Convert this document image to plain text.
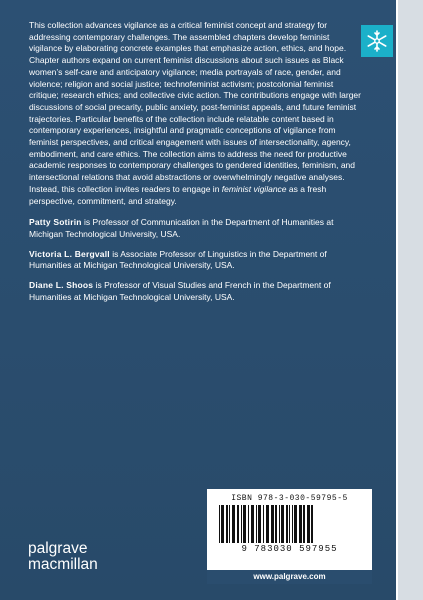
This collection advances vigilance as a critical feminist concept and strategy for addressing contemporary challenges. The assembled chapters develop feminist vigilance by elaborating concrete examples that emphasize action, ethics, and hope. Chapter authors expand on current feminist discussions about such issues as Black women’s self-care and anticipatory vigilance; media portrayals of race, gender, and violence; religion and social justice; technofeminist activism; postcolonial feminist critique; research ethics; and collective civic action. The contributions engage with larger discussions of social precarity, public anxiety, post-feminist appeals, and future feminist trajectories. Particular benefits of the collection include relatable content based in contemporary experiences, insightful and pragmatic conceptions of vigilance from feminist perspectives, and critical engagement with issues of intersectionality, agency, embodiment, and care ethics. The collection aims to address the need for productive academic responses to contemporary challenges to gendered identities, feminism, and intersectional relations that avoid abstractions or overwhelmingly negative analyses. Instead, this collection invites readers to engage in feminist vigilance as a fresh perspective, commitment, and strategy.

Patty Sotirin is Professor of Communication in the Department of Humanities at Michigan Technological University, USA.

Victoria L. Bergvall is Associate Professor of Linguistics in the Department of Humanities at Michigan Technological University, USA.

Diane L. Shoos is Professor of Visual Studies and French in the Department of Humanities at Michigan Technological University, USA.

ISBN 978-3-030-59795-5
9 783030 597955
www.palgrave.com
palgrave
macmillan
